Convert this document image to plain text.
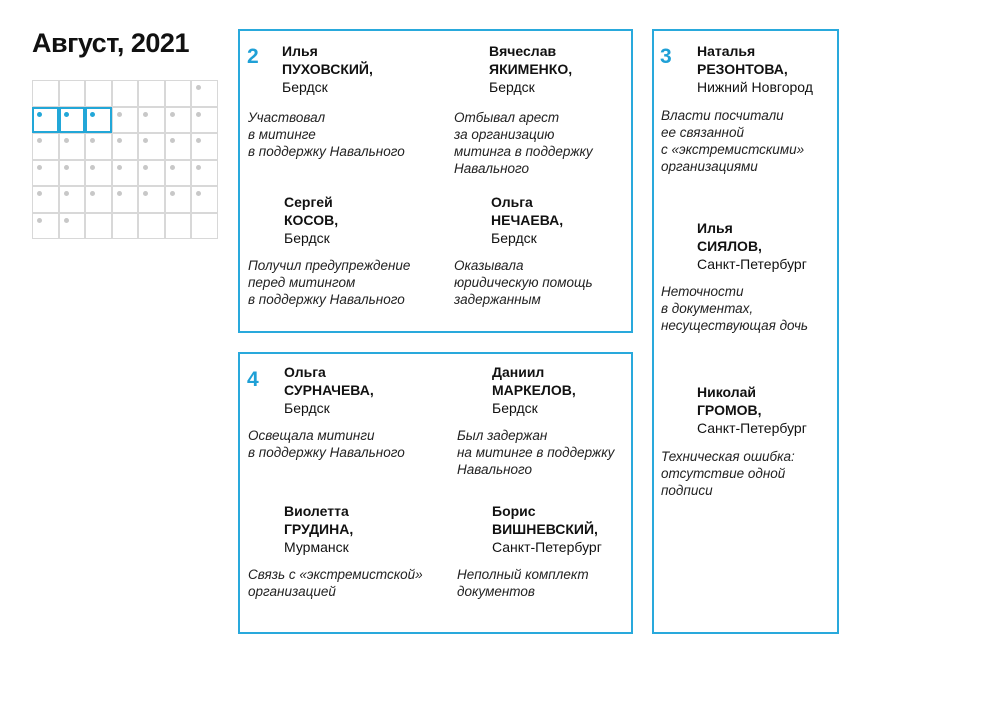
Август, 2021	2 Илья
ПУХОВСКИЙ,
Бердск
Участвовал
в митинге
в поддержку Навального
Вячеслав
ЯКИМЕНКО,
Бердск
Отбывал арест
за организацию
митинга в поддержку
Навального
Сергей
КОСОВ,
Бердск
Получил предупреждение
перед митингом
в поддержку Навального
Ольга
НЕЧАЕВА,
Бердск
Оказывала
юридическую помощь
задержанным
3 Наталья
РЕЗОНТОВА,
Нижний Новгород
Власти посчитали
ее связанной
с «экстремистскими»
организациями
Илья
СИЯЛОВ,
Санкт-Петербург
Неточности
в документах,
несуществующая дочь
Николай
ГРОМОВ,
Санкт-Петербург
Техническая ошибка:
отсутствие одной
подписи
4 Ольга
СУРНАЧЕВА,
Бердск
Освещала митинги
в поддержку Навального
Даниил
МАРКЕЛОВ,
Бердск
Был задержан
на митинге в поддержку
Навального
Виолетта
ГРУДИНА,
Мурманск
Связь с «экстремистской»
организацией
Борис
ВИШНЕВСКИЙ,
Санкт-Петербург
Неполный комплект
документов
